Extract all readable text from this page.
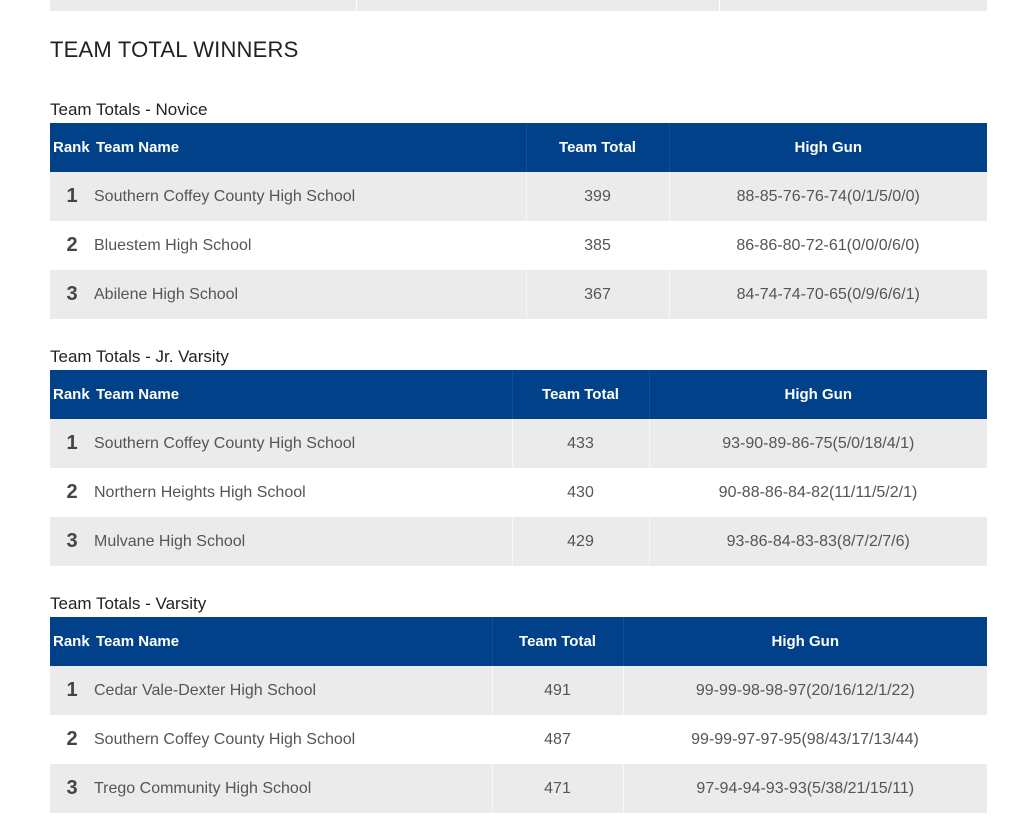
TEAM TOTAL WINNERS
Team Totals - Novice
Rank	Team Name	Team Total	High Gun
1	Southern Coffey County High School	399	88-85-76-76-74(0/1/5/0/0)
2	Bluestem High School	385	86-86-80-72-61(0/0/0/6/0)
3	Abilene High School	367	84-74-74-70-65(0/9/6/6/1)
Team Totals - Jr. Varsity
Rank	Team Name	Team Total	High Gun
1	Southern Coffey County High School	433	93-90-89-86-75(5/0/18/4/1)
2	Northern Heights High School	430	90-88-86-84-82(11/11/5/2/1)
3	Mulvane High School	429	93-86-84-83-83(8/7/2/7/6)
Team Totals - Varsity
Rank	Team Name	Team Total	High Gun
1	Cedar Vale-Dexter High School	491	99-99-98-98-97(20/16/12/1/22)
2	Southern Coffey County High School	487	99-99-97-97-95(98/43/17/13/44)
3	Trego Community High School	471	97-94-94-93-93(5/38/21/15/11)
